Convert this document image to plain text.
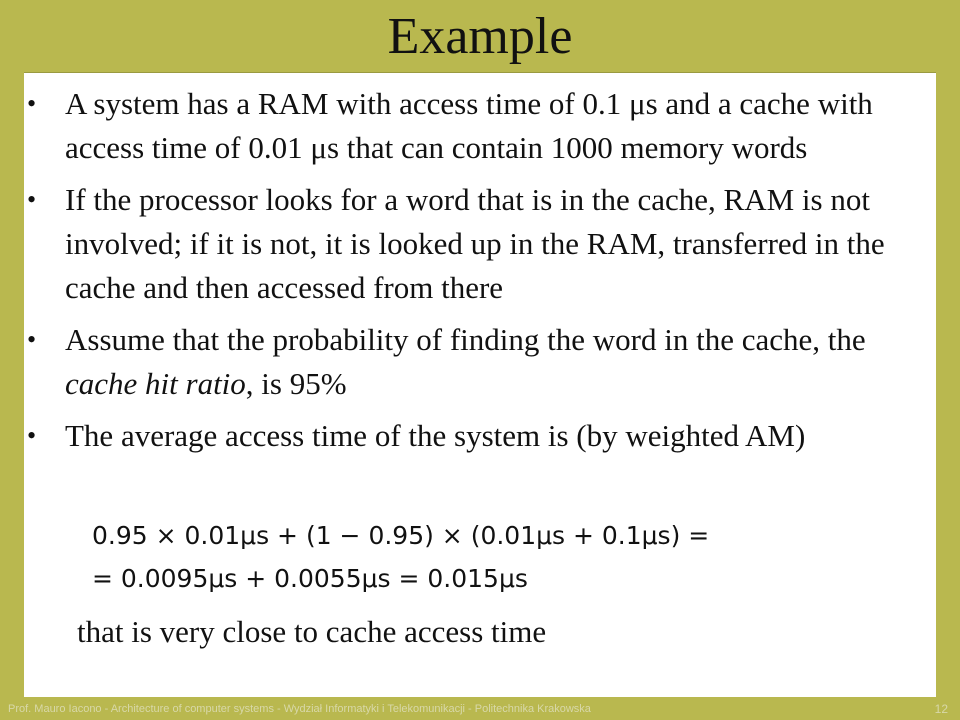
Example
• A system has a RAM with access time of 0.1 μs and a cache with access time of 0.01 μs that can contain 1000 memory words
• If the processor looks for a word that is in the cache, RAM is not involved; if it is not, it is looked up in the RAM, transferred in the cache and then accessed from there
• Assume that the probability of finding the word in the cache, the cache hit ratio, is 95%
• The average access time of the system is (by weighted AM)
0.95 × 0.01μs + (1 − 0.95) × (0.01μs + 0.1μs) =
= 0.0095μs + 0.0055μs = 0.015μs
that is very close to cache access time
Prof. Mauro Iacono - Architecture of computer systems - Wydział Informatyki i Telekomunikacji - Politechnika Krakowska	12
